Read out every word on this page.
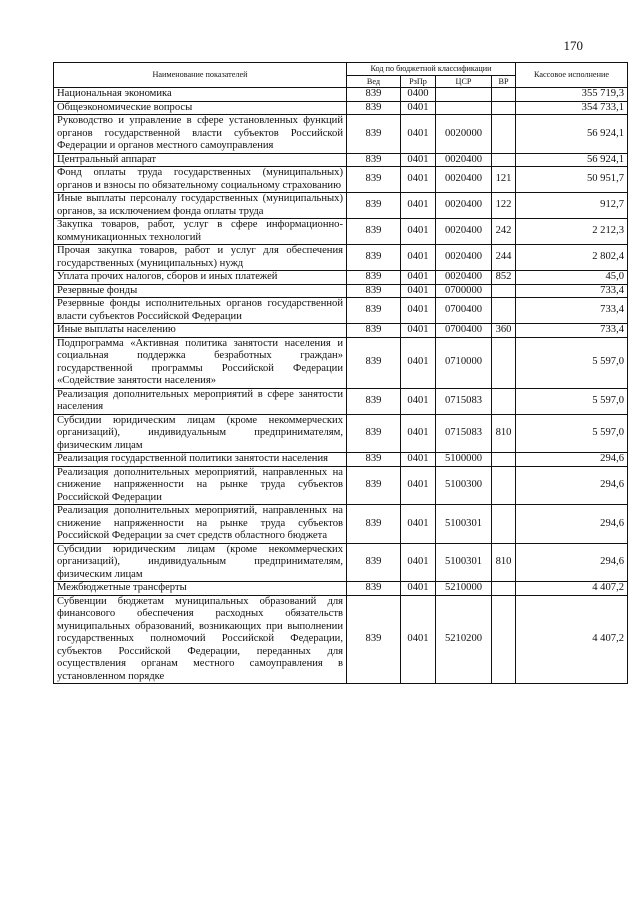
170
Наименование показателей	Код по бюджетной классификации				Кассовое исполнение
	Вед	РзПр	ЦСР	ВР	
Национальная экономика	839	0400			355 719,3
Общеэкономические вопросы	839	0401			354 733,1
Руководство и управление в сфере установленных функций органов государственной власти субъектов Российской Федерации и органов местного самоуправления	839	0401	0020000		56 924,1
Центральный аппарат	839	0401	0020400		56 924,1
Фонд оплаты труда государственных (муниципальных) органов и взносы по обязательному социальному страхованию	839	0401	0020400	121	50 951,7
Иные выплаты персоналу государственных (муниципальных) органов, за исключением фонда оплаты труда	839	0401	0020400	122	912,7
Закупка товаров, работ, услуг в сфере информационно-коммуникационных технологий	839	0401	0020400	242	2 212,3
Прочая закупка товаров, работ и услуг для обеспечения государственных (муниципальных) нужд	839	0401	0020400	244	2 802,4
Уплата прочих налогов, сборов и иных платежей	839	0401	0020400	852	45,0
Резервные фонды	839	0401	0700000		733,4
Резервные фонды исполнительных органов государственной власти субъектов Российской Федерации	839	0401	0700400		733,4
Иные выплаты населению	839	0401	0700400	360	733,4
Подпрограмма «Активная политика занятости населения и социальная поддержка безработных граждан» государственной программы Российской Федерации «Содействие занятости населения»	839	0401	0710000		5 597,0
Реализация дополнительных мероприятий в сфере занятости населения	839	0401	0715083		5 597,0
Субсидии юридическим лицам (кроме некоммерческих организаций), индивидуальным предпринимателям, физическим лицам	839	0401	0715083	810	5 597,0
Реализация государственной политики занятости населения	839	0401	5100000		294,6
Реализация дополнительных мероприятий, направленных на снижение напряженности на рынке труда субъектов Российской Федерации	839	0401	5100300		294,6
Реализация дополнительных мероприятий, направленных на снижение напряженности на рынке труда субъектов Российской Федерации за счет средств областного бюджета	839	0401	5100301		294,6
Субсидии юридическим лицам (кроме некоммерческих организаций), индивидуальным предпринимателям, физическим лицам	839	0401	5100301	810	294,6
Межбюджетные трансферты	839	0401	5210000		4 407,2
Субвенции бюджетам муниципальных образований для финансового обеспечения расходных обязательств муниципальных образований, возникающих при выполнении государственных полномочий Российской Федерации, субъектов Российской Федерации, переданных для осуществления органам местного самоуправления в установленном порядке	839	0401	5210200		4 407,2
